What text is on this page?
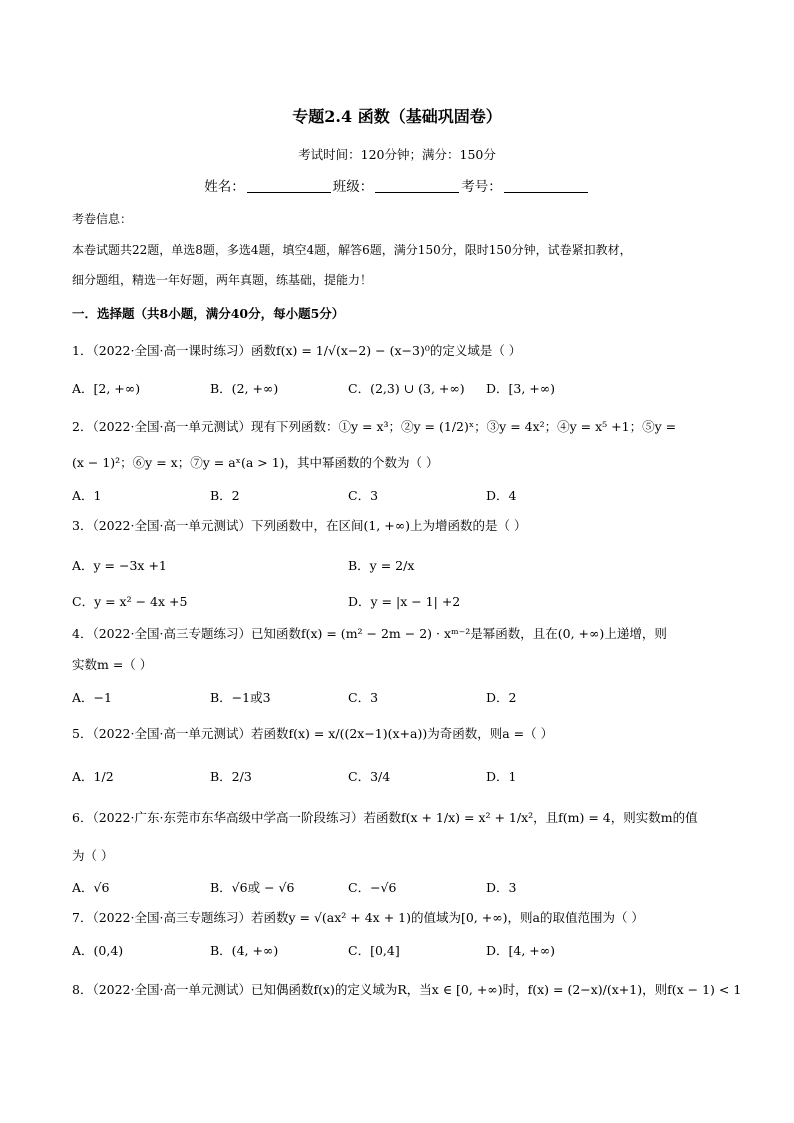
专题2.4 函数（基础巩固卷）
考试时间：120分钟；满分：150分
姓名：	班级：	考号：
考卷信息：
本卷试题共22题，单选8题，多选4题，填空4题，解答6题，满分150分，限时150分钟，试卷紧扣教材，
细分题组，精选一年好题，两年真题，练基础，提能力！
一．选择题（共8小题，满分40分，每小题5分）
1．（2022·全国·高一课时练习）函数f(x) = 1/√(x−2) − (x−3)⁰的定义域是（ ）
A．[2, +∞)	B．(2, +∞)	C．(2,3) ∪ (3, +∞) D．[3, +∞)
2．（2022·全国·高一单元测试）现有下列函数：①y = x³；②y = (1/2)ˣ；③y = 4x²；④y = x⁵ +1；⑤y =
(x − 1)²；⑥y = x；⑦y = aˣ(a > 1)，其中幂函数的个数为（ ）
A．1	B．2	C．3	D．4
3．（2022·全国·高一单元测试）下列函数中，在区间(1, +∞)上为增函数的是（ ）
A．y = −3x +1	B．y = 2/x
C．y = x² − 4x +5	D．y = |x − 1| +2
4．（2022·全国·高三专题练习）已知函数f(x) = (m² − 2m − 2) · xᵐ⁻²是幂函数，且在(0, +∞)上递增，则
实数m =（ ）
A．−1	B．−1或3	C．3	D．2
5．（2022·全国·高一单元测试）若函数f(x) = x/((2x−1)(x+a))为奇函数，则a =（ ）
A．1/2	B．2/3	C．3/4	D．1
6．（2022·广东·东莞市东华高级中学高一阶段练习）若函数f(x + 1/x) = x² + 1/x²，且f(m) = 4，则实数m的值
为（ ）
A．√6	B．√6或 − √6	C．−√6	D．3
7．（2022·全国·高三专题练习）若函数y = √(ax² + 4x + 1)的值域为[0, +∞)，则a的取值范围为（ ）
A．(0,4)	B．(4, +∞)	C．[0,4]	D．[4, +∞)
8．（2022·全国·高一单元测试）已知偶函数f(x)的定义域为R，当x ∈ [0, +∞)时，f(x) = (2−x)/(x+1)，则f(x − 1) < 1
